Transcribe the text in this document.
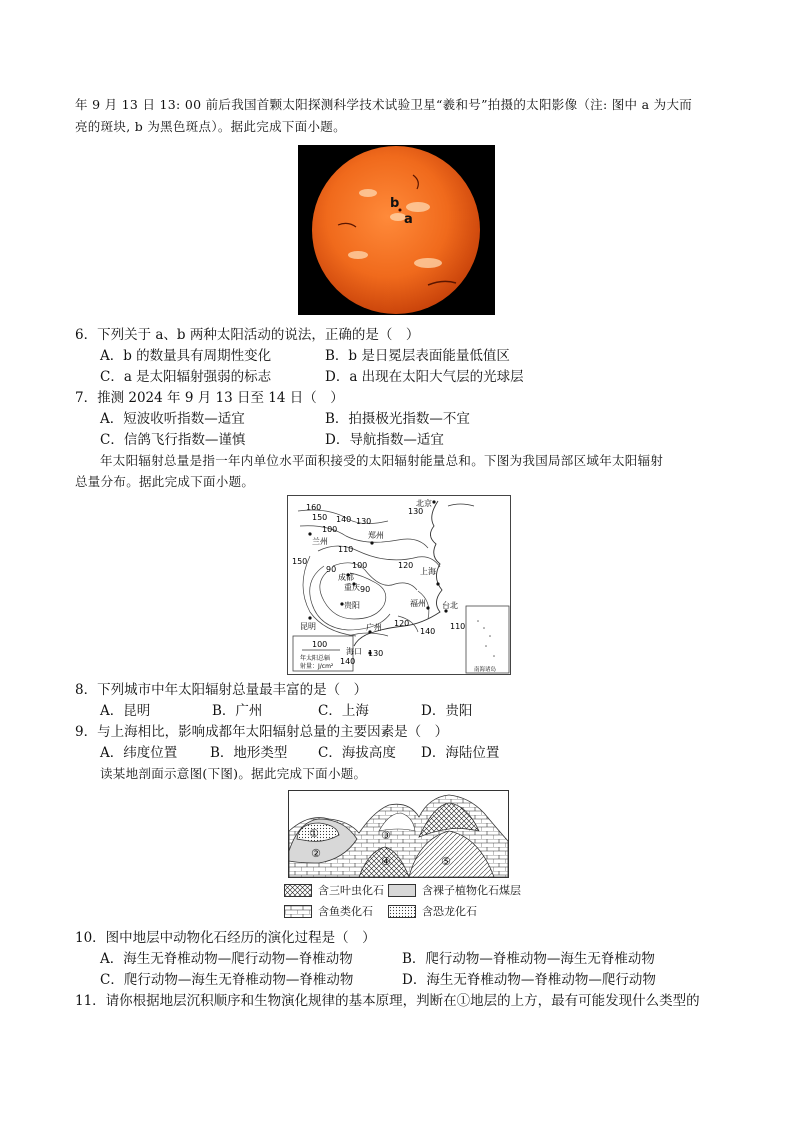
年 9 月 13 日 13: 00 前后我国首颗太阳探测科学技术试验卫星“羲和号”拍摄的太阳影像（注: 图中 a 为大而
亮的斑块, b 为黑色斑点）。据此完成下面小题。
b
a
6．下列关于 a、b 两种太阳活动的说法，正确的是（　）
A．b 的数量具有周期性变化	B．b 是日冕层表面能量低值区
C．a 是太阳辐射强弱的标志	D．a 出现在太阳大气层的光球层
7．推测 2024 年 9 月 13 日至 14 日（　）
A．短波收听指数—适宜	B．拍摄极光指数—不宜
C．信鸽飞行指数—谨慎	D．导航指数—适宜
年太阳辐射总量是指一年内单位水平面积接受的太阳辐射能量总和。下图为我国局部区域年太阳辐射
总量分布。据此完成下面小题。
南海诸岛
100
年太阳总辐
射量：J/cm²
北京
兰州
郑州
成都
重庆
贵阳
上海
福州 台北
昆明	广州
海口
160
150 140 130
130
110
100
90
90
120
150
120
140
110
130
140
100
8．下列城市中年太阳辐射总量最丰富的是（　）
A．昆明	B．广州	C．上海	D．贵阳
9．与上海相比，影响成都年太阳辐射总量的主要因素是（　）
A．纬度位置 B．地形类型 C．海拔高度 D．海陆位置
读某地剖面示意图(下图)。据此完成下面小题。
①
②
③
④	⑤
含三叶虫化石	含裸子植物化石煤层
含鱼类化石	含恐龙化石
10．图中地层中动物化石经历的演化过程是（　）
A．海生无脊椎动物—爬行动物—脊椎动物	B．爬行动物—脊椎动物—海生无脊椎动物
C．爬行动物—海生无脊椎动物—脊椎动物	D．海生无脊椎动物—脊椎动物—爬行动物
11．请你根据地层沉积顺序和生物演化规律的基本原理，判断在①地层的上方，最有可能发现什么类型的
